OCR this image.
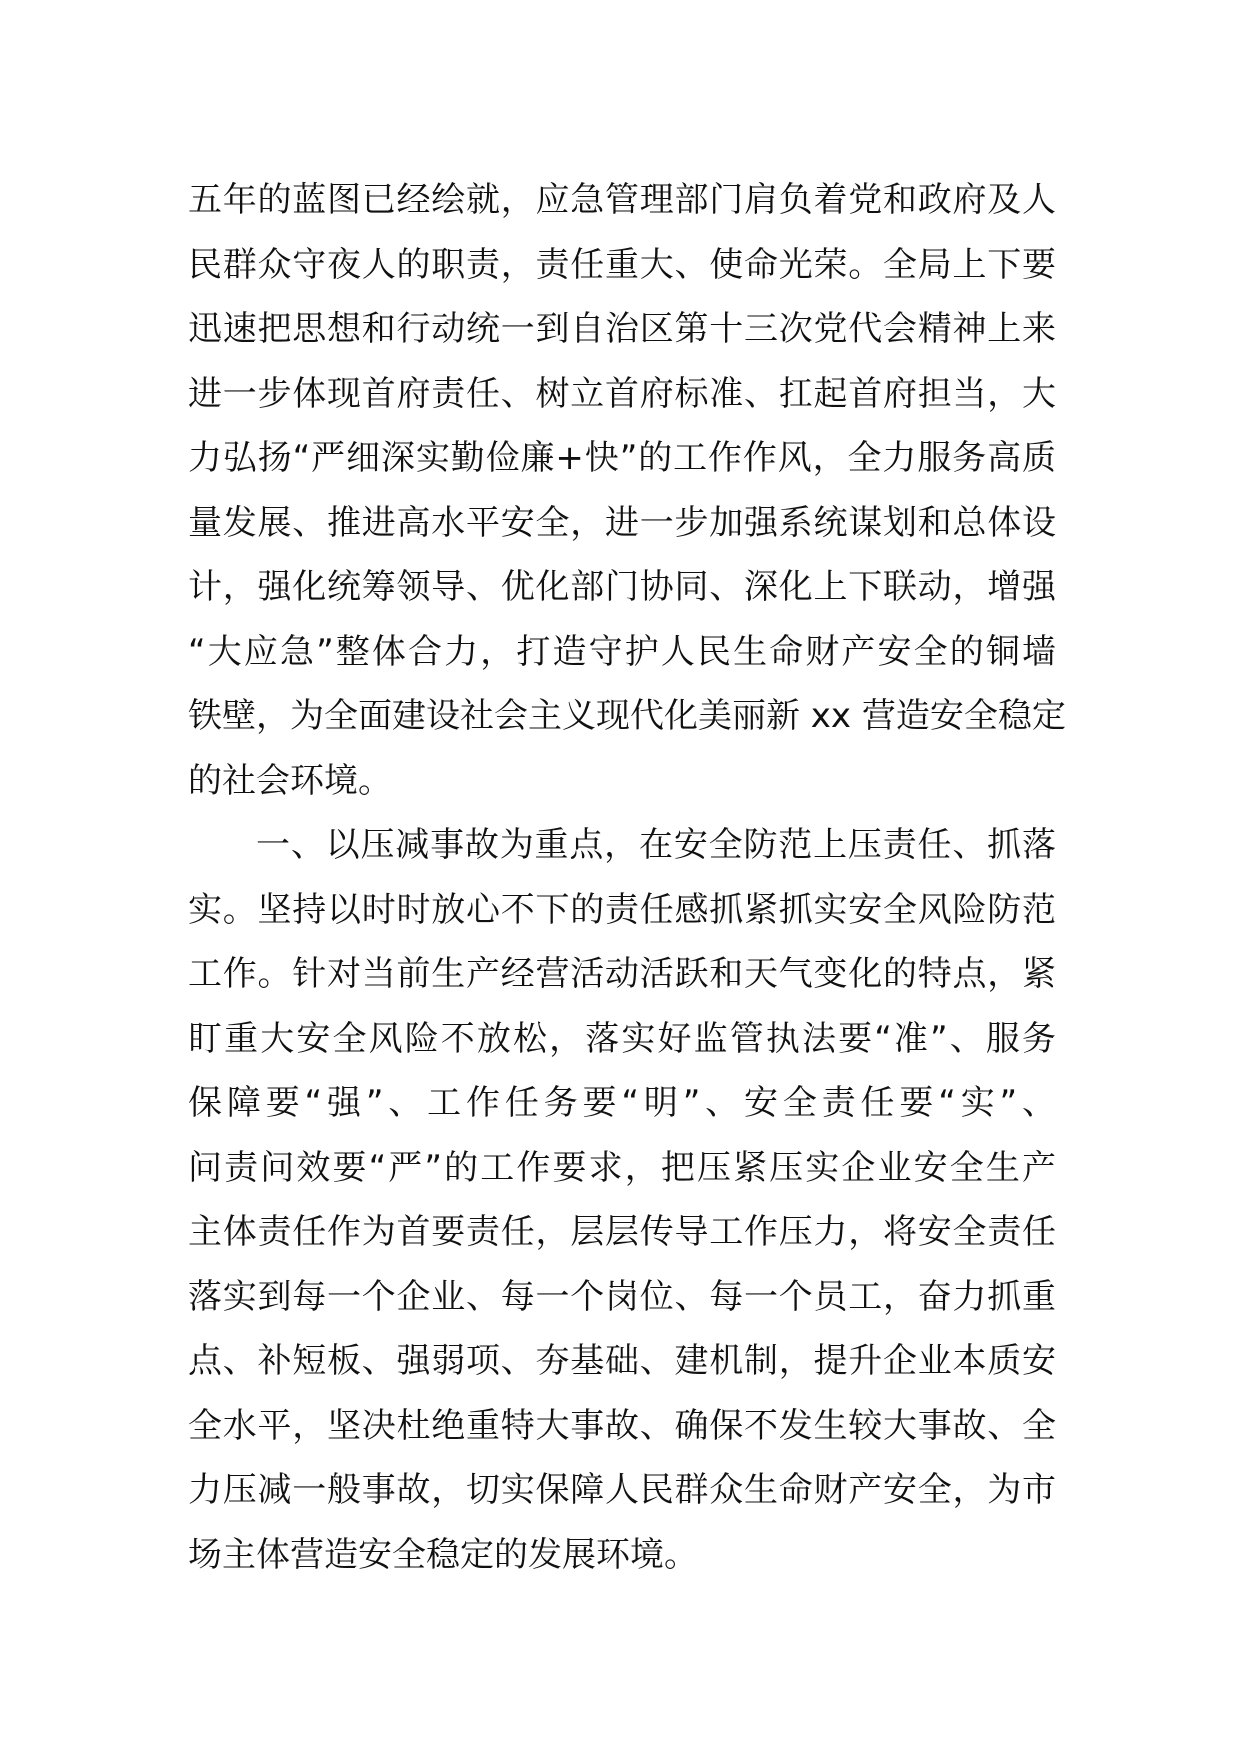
五年的蓝图已经绘就，应急管理部门肩负着党和政府及人
民群众守夜人的职责，责任重大、使命光荣。全局上下要
迅速把思想和行动统一到自治区第十三次党代会精神上来
进一步体现首府责任、树立首府标准、扛起首府担当，大
力弘扬“严细深实勤俭廉+快”的工作作风，全力服务高质
量发展、推进高水平安全，进一步加强系统谋划和总体设
计，强化统筹领导、优化部门协同、深化上下联动，增强
“大应急”整体合力，打造守护人民生命财产安全的铜墙
铁壁，为全面建设社会主义现代化美丽新 xx 营造安全稳定
的社会环境。
一、以压减事故为重点，在安全防范上压责任、抓落
实。坚持以时时放心不下的责任感抓紧抓实安全风险防范
工作。针对当前生产经营活动活跃和天气变化的特点，紧
盯重大安全风险不放松，落实好监管执法要“准”、服务
保障要“强”、工作任务要“明”、安全责任要“实”、
问责问效要“严”的工作要求，把压紧压实企业安全生产
主体责任作为首要责任，层层传导工作压力，将安全责任
落实到每一个企业、每一个岗位、每一个员工，奋力抓重
点、补短板、强弱项、夯基础、建机制，提升企业本质安
全水平，坚决杜绝重特大事故、确保不发生较大事故、全
力压减一般事故，切实保障人民群众生命财产安全，为市
场主体营造安全稳定的发展环境。
